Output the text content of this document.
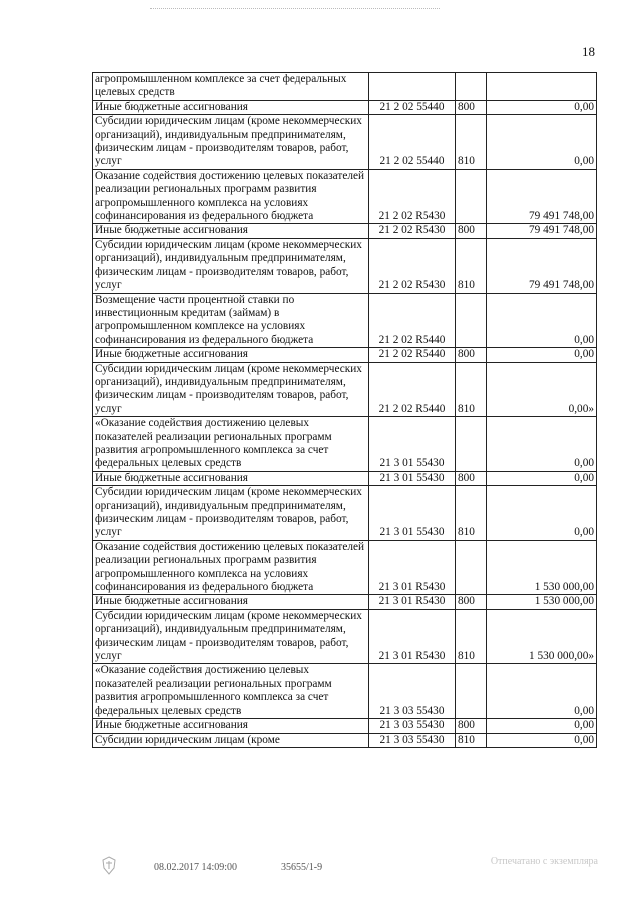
18
агропромышленном комплексе за счет федеральных целевых средств			
Иные бюджетные ассигнования	21 2 02 55440	800	0,00
Субсидии юридическим лицам (кроме некоммерческих организаций), индивидуальным предпринимателям, физическим лицам - производителям товаров, работ, услуг	21 2 02 55440	810	0,00
Оказание содействия достижению целевых показателей реализации региональных программ развития агропромышленного комплекса на условиях софинансирования из федерального бюджета	21 2 02 R5430		79 491 748,00
Иные бюджетные ассигнования	21 2 02 R5430	800	79 491 748,00
Субсидии юридическим лицам (кроме некоммерческих организаций), индивидуальным предпринимателям, физическим лицам - производителям товаров, работ, услуг	21 2 02 R5430	810	79 491 748,00
Возмещение части процентной ставки по инвестиционным кредитам (займам) в агропромышленном комплексе на условиях софинансирования из федерального бюджета	21 2 02 R5440		0,00
Иные бюджетные ассигнования	21 2 02 R5440	800	0,00
Субсидии юридическим лицам (кроме некоммерческих организаций), индивидуальным предпринимателям, физическим лицам - производителям товаров, работ, услуг	21 2 02 R5440	810	0,00»
«Оказание содействия достижению целевых показателей реализации региональных программ развития агропромышленного комплекса за счет федеральных целевых средств	21 3 01 55430		0,00
Иные бюджетные ассигнования	21 3 01 55430	800	0,00
Субсидии юридическим лицам (кроме некоммерческих организаций), индивидуальным предпринимателям, физическим лицам - производителям товаров, работ, услуг	21 3 01 55430	810	0,00
Оказание содействия достижению целевых показателей реализации региональных программ развития агропромышленного комплекса на условиях софинансирования из федерального бюджета	21 3 01 R5430		1 530 000,00
Иные бюджетные ассигнования	21 3 01 R5430	800	1 530 000,00
Субсидии юридическим лицам (кроме некоммерческих организаций), индивидуальным предпринимателям, физическим лицам - производителям товаров, работ, услуг	21 3 01 R5430	810	1 530 000,00»
«Оказание содействия достижению целевых показателей реализации региональных программ развития агропромышленного комплекса за счет федеральных целевых средств	21 3 03 55430		0,00
Иные бюджетные ассигнования	21 3 03 55430	800	0,00
Субсидии юридическим лицам (кроме	21 3 03 55430	810	0,00
08.02.2017 14:09:00	35655/1-9
Отпечатано с экземпляра
